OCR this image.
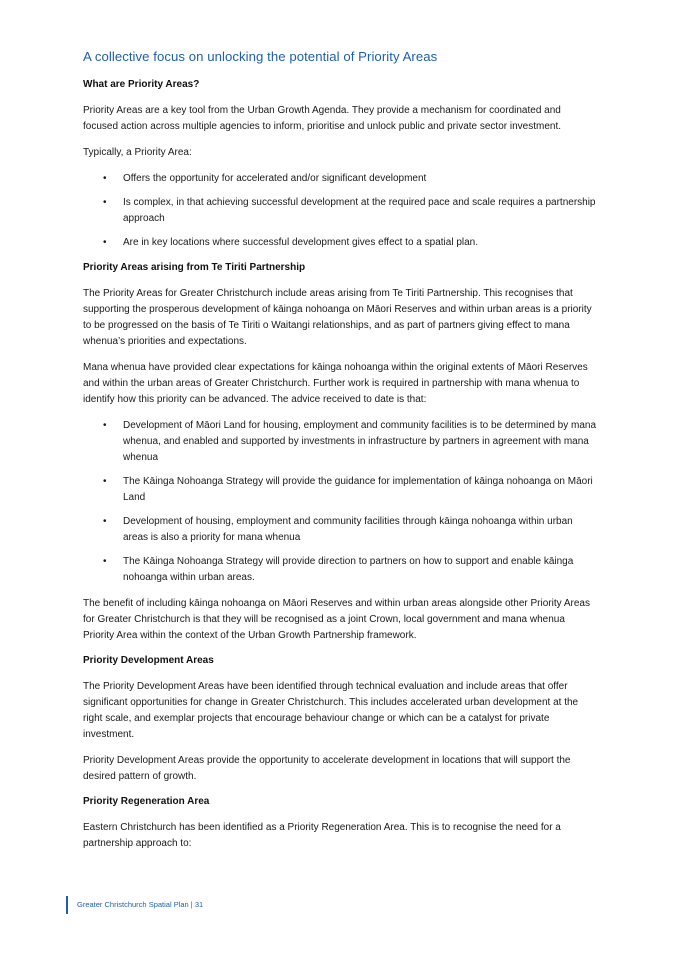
A collective focus on unlocking the potential of Priority Areas
What are Priority Areas?

Priority Areas are a key tool from the Urban Growth Agenda. They provide a mechanism for coordinated and focused action across multiple agencies to inform, prioritise and unlock public and private sector investment.

Typically, a Priority Area:

• Offers the opportunity for accelerated and/or significant development
• Is complex, in that achieving successful development at the required pace and scale requires a partnership approach
• Are in key locations where successful development gives effect to a spatial plan.
Priority Areas arising from Te Tiriti Partnership

The Priority Areas for Greater Christchurch include areas arising from Te Tiriti Partnership. This recognises that supporting the prosperous development of kāinga nohoanga on Māori Reserves and within urban areas is a priority to be progressed on the basis of Te Tiriti o Waitangi relationships, and as part of partners giving effect to mana whenua’s priorities and expectations.

Mana whenua have provided clear expectations for kāinga nohoanga within the original extents of Māori Reserves and within the urban areas of Greater Christchurch. Further work is required in partnership with mana whenua to identify how this priority can be advanced. The advice received to date is that:

• Development of Māori Land for housing, employment and community facilities is to be determined by mana whenua, and enabled and supported by investments in infrastructure by partners in agreement with mana whenua
• The Kāinga Nohoanga Strategy will provide the guidance for implementation of kāinga nohoanga on Māori Land
• Development of housing, employment and community facilities through kāinga nohoanga within urban areas is also a priority for mana whenua
• The Kāinga Nohoanga Strategy will provide direction to partners on how to support and enable kāinga nohoanga within urban areas.

The benefit of including kāinga nohoanga on Māori Reserves and within urban areas alongside other Priority Areas for Greater Christchurch is that they will be recognised as a joint Crown, local government and mana whenua Priority Area within the context of the Urban Growth Partnership framework.

Priority Development Areas

The Priority Development Areas have been identified through technical evaluation and include areas that offer significant opportunities for change in Greater Christchurch. This includes accelerated urban development at the right scale, and exemplar projects that encourage behaviour change or which can be a catalyst for private investment.

Priority Development Areas provide the opportunity to accelerate development in locations that will support the desired pattern of growth.

Priority Regeneration Area

Eastern Christchurch has been identified as a Priority Regeneration Area. This is to recognise the need for a partnership approach to:

Greater Christchurch Spatial Plan | 31
